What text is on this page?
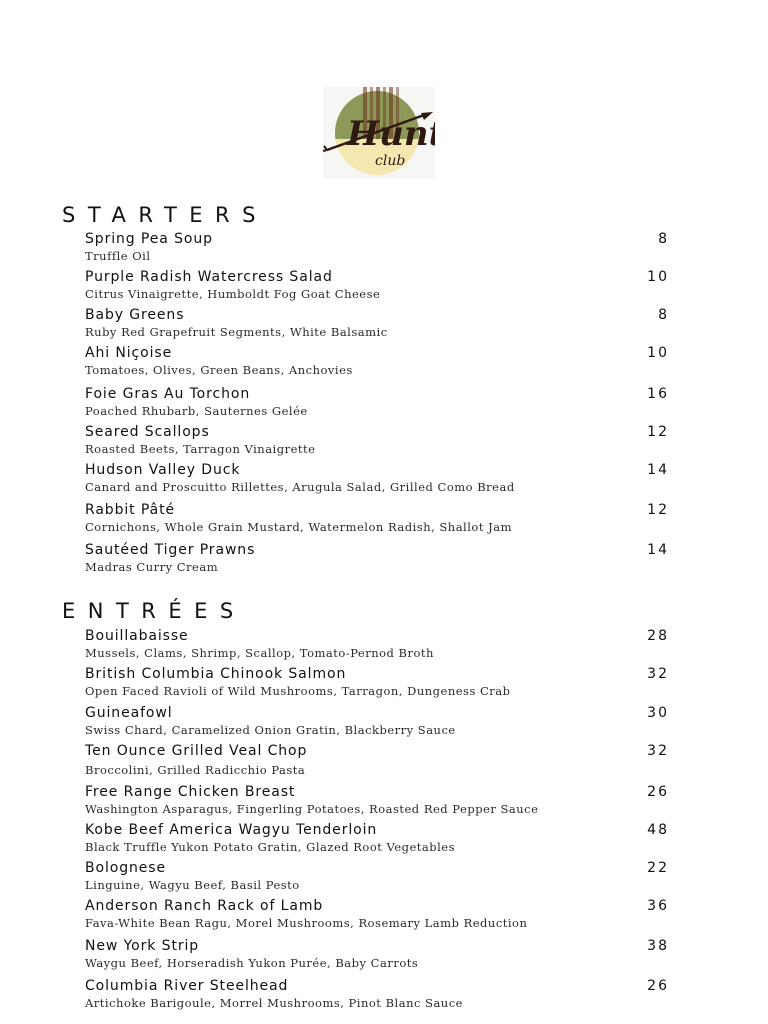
Hunt
club
STARTERS
Spring Pea Soup
Truffle Oil
8
Purple Radish Watercress Salad
Citrus Vinaigrette, Humboldt Fog Goat Cheese
10
Baby Greens
Ruby Red Grapefruit Segments, White Balsamic
8
Ahi Niçoise
Tomatoes, Olives, Green Beans, Anchovies
10
Foie Gras Au Torchon
Poached Rhubarb, Sauternes Gelée
16
Seared Scallops
Roasted Beets, Tarragon Vinaigrette
12
Hudson Valley Duck
Canard and Proscuitto Rillettes, Arugula Salad, Grilled Como Bread
14
Rabbit Pâté
Cornichons, Whole Grain Mustard, Watermelon Radish, Shallot Jam
12
Sautéed Tiger Prawns
Madras Curry Cream
14
ENTRÉES
Bouillabaisse
Mussels, Clams, Shrimp, Scallop, Tomato-Pernod Broth
28
British Columbia Chinook Salmon
Open Faced Ravioli of Wild Mushrooms, Tarragon, Dungeness Crab
32
Guineafowl
Swiss Chard, Caramelized Onion Gratin, Blackberry Sauce
30
Ten Ounce Grilled Veal Chop
Broccolini, Grilled Radicchio Pasta
32
Free Range Chicken Breast
Washington Asparagus, Fingerling Potatoes, Roasted Red Pepper Sauce
26
Kobe Beef America Wagyu Tenderloin
Black Truffle Yukon Potato Gratin, Glazed Root Vegetables
48
Bolognese
Linguine, Wagyu Beef, Basil Pesto
22
Anderson Ranch Rack of Lamb
Fava-White Bean Ragu, Morel Mushrooms, Rosemary Lamb Reduction
36
New York Strip
Waygu Beef, Horseradish Yukon Purée, Baby Carrots
38
Columbia River Steelhead
Artichoke Barigoule, Morrel Mushrooms, Pinot Blanc Sauce
26
